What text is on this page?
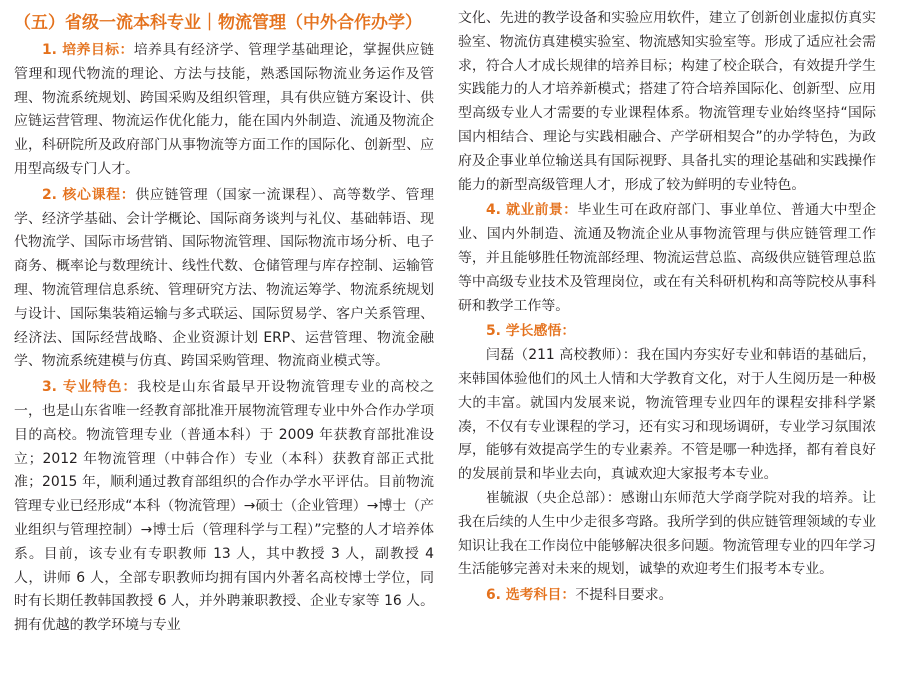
（五）省级一流本科专业｜物流管理（中外合作办学）

1. 培养目标：培养具有经济学、管理学基础理论，掌握供应链管理和现代物流的理论、方法与技能，熟悉国际物流业务运作及管理、物流系统规划、跨国采购及组织管理，具有供应链方案设计、供应链运营管理、物流运作优化能力，能在国内外制造、流通及物流企业，科研院所及政府部门从事物流等方面工作的国际化、创新型、应用型高级专门人才。

2. 核心课程：供应链管理（国家一流课程）、高等数学、管理学、经济学基础、会计学概论、国际商务谈判与礼仪、基础韩语、现代物流学、国际市场营销、国际物流管理、国际物流市场分析、电子商务、概率论与数理统计、线性代数、仓储管理与库存控制、运输管理、物流管理信息系统、管理研究方法、物流运筹学、物流系统规划与设计、国际集装箱运输与多式联运、国际贸易学、客户关系管理、经济法、国际经营战略、企业资源计划 ERP、运营管理、物流金融学、物流系统建模与仿真、跨国采购管理、物流商业模式等。

3. 专业特色：我校是山东省最早开设物流管理专业的高校之一，也是山东省唯一经教育部批准开展物流管理专业中外合作办学项目的高校。物流管理专业（普通本科）于 2009 年获教育部批准设立；2012 年物流管理（中韩合作）专业（本科）获教育部正式批准；2015 年，顺利通过教育部组织的合作办学水平评估。目前物流管理专业已经形成“本科（物流管理）→硕士（企业管理）→博士（产业组织与管理控制）→博士后（管理科学与工程）”完整的人才培养体系。目前，该专业有专职教师 13 人，其中教授 3 人，副教授 4 人，讲师 6 人，全部专职教师均拥有国内外著名高校博士学位，同时有长期任教韩国教授 6 人，并外聘兼职教授、企业专家等 16 人。拥有优越的教学环境与专业

文化、先进的教学设备和实验应用软件，建立了创新创业虚拟仿真实验室、物流仿真建模实验室、物流感知实验室等。形成了适应社会需求，符合人才成长规律的培养目标；构建了校企联合，有效提升学生实践能力的人才培养新模式；搭建了符合培养国际化、创新型、应用型高级专业人才需要的专业课程体系。物流管理专业始终坚持“国际国内相结合、理论与实践相融合、产学研相契合”的办学特色，为政府及企事业单位输送具有国际视野、具备扎实的理论基础和实践操作能力的新型高级管理人才，形成了较为鲜明的专业特色。

4. 就业前景：毕业生可在政府部门、事业单位、普通大中型企业、国内外制造、流通及物流企业从事物流管理与供应链管理工作等，并且能够胜任物流部经理、物流运营总监、高级供应链管理总监等中高级专业技术及管理岗位，或在有关科研机构和高等院校从事科研和教学工作等。

5. 学长感悟：

闫磊（211 高校教师）：我在国内夯实好专业和韩语的基础后，来韩国体验他们的风土人情和大学教育文化，对于人生阅历是一种极大的丰富。就国内发展来说，物流管理专业四年的课程安排科学紧凑，不仅有专业课程的学习，还有实习和现场调研，专业学习氛围浓厚，能够有效提高学生的专业素养。不管是哪一种选择，都有着良好的发展前景和毕业去向，真诚欢迎大家报考本专业。

崔毓淑（央企总部）：感谢山东师范大学商学院对我的培养。让我在后续的人生中少走很多弯路。我所学到的供应链管理领域的专业知识让我在工作岗位中能够解决很多问题。物流管理专业的四年学习生活能够完善对未来的规划，诚挚的欢迎考生们报考本专业。

6. 选考科目：不提科目要求。
